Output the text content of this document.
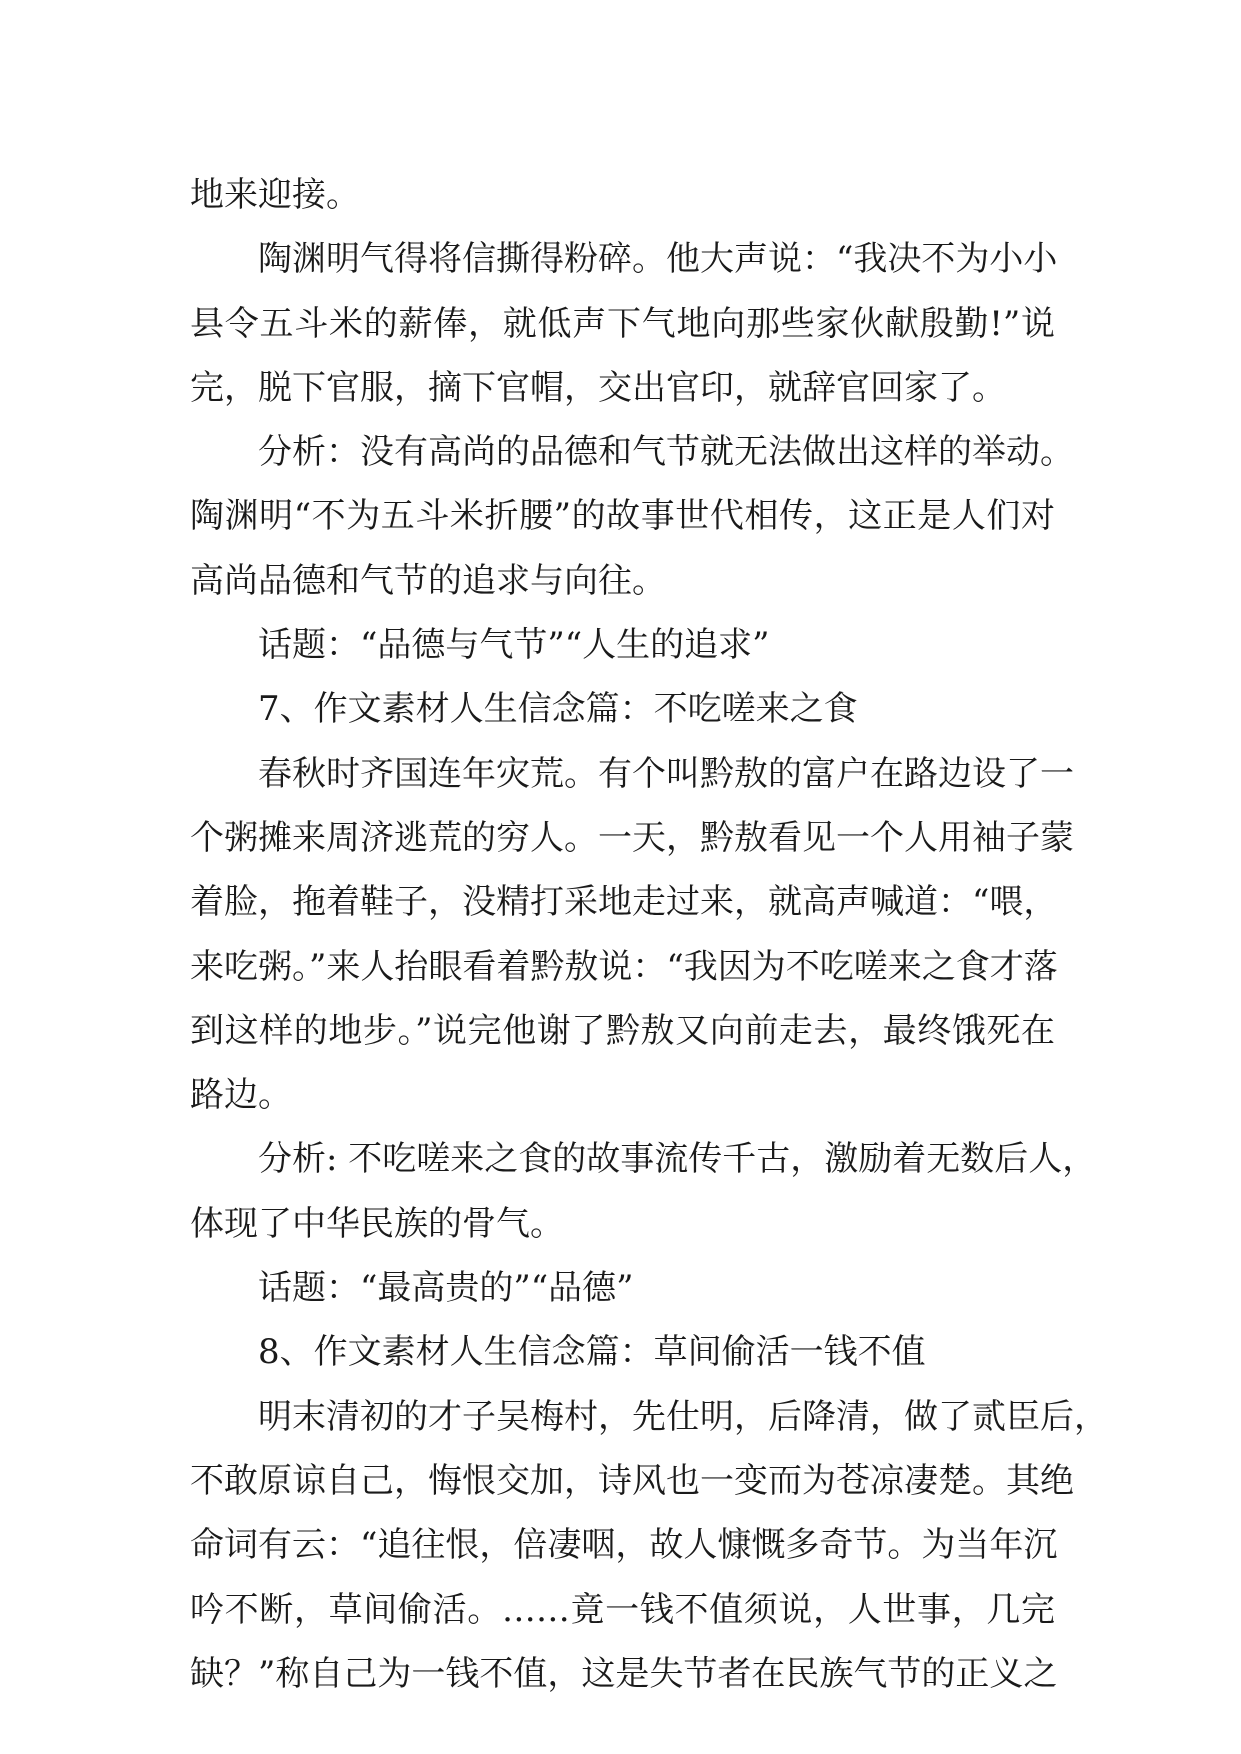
地来迎接。
陶渊明气得将信撕得粉碎。他大声说：“我决不为小小
县令五斗米的薪俸，就低声下气地向那些家伙献殷勤!”说
完，脱下官服，摘下官帽，交出官印，就辞官回家了。
分析：没有高尚的品德和气节就无法做出这样的举动。
陶渊明“不为五斗米折腰”的故事世代相传，这正是人们对
高尚品德和气节的追求与向往。
话题：“品德与气节”“人生的追求”
7、作文素材人生信念篇：不吃嗟来之食
春秋时齐国连年灾荒。有个叫黔敖的富户在路边设了一
个粥摊来周济逃荒的穷人。一天，黔敖看见一个人用袖子蒙
着脸，拖着鞋子，没精打采地走过来，就高声喊道：“喂，
来吃粥。”来人抬眼看着黔敖说：“我因为不吃嗟来之食才落
到这样的地步。”说完他谢了黔敖又向前走去，最终饿死在
路边。
分析: 不吃嗟来之食的故事流传千古，激励着无数后人，
体现了中华民族的骨气。
话题：“最高贵的”“品德”
8、作文素材人生信念篇：草间偷活一钱不值
明末清初的才子吴梅村，先仕明，后降清，做了贰臣后，
不敢原谅自己，悔恨交加，诗风也一变而为苍凉凄楚。其绝
命词有云：“追往恨，倍凄咽，故人慷慨多奇节。为当年沉
吟不断，草间偷活。……竟一钱不值须说，人世事，几完
缺？”称自己为一钱不值，这是失节者在民族气节的正义之
